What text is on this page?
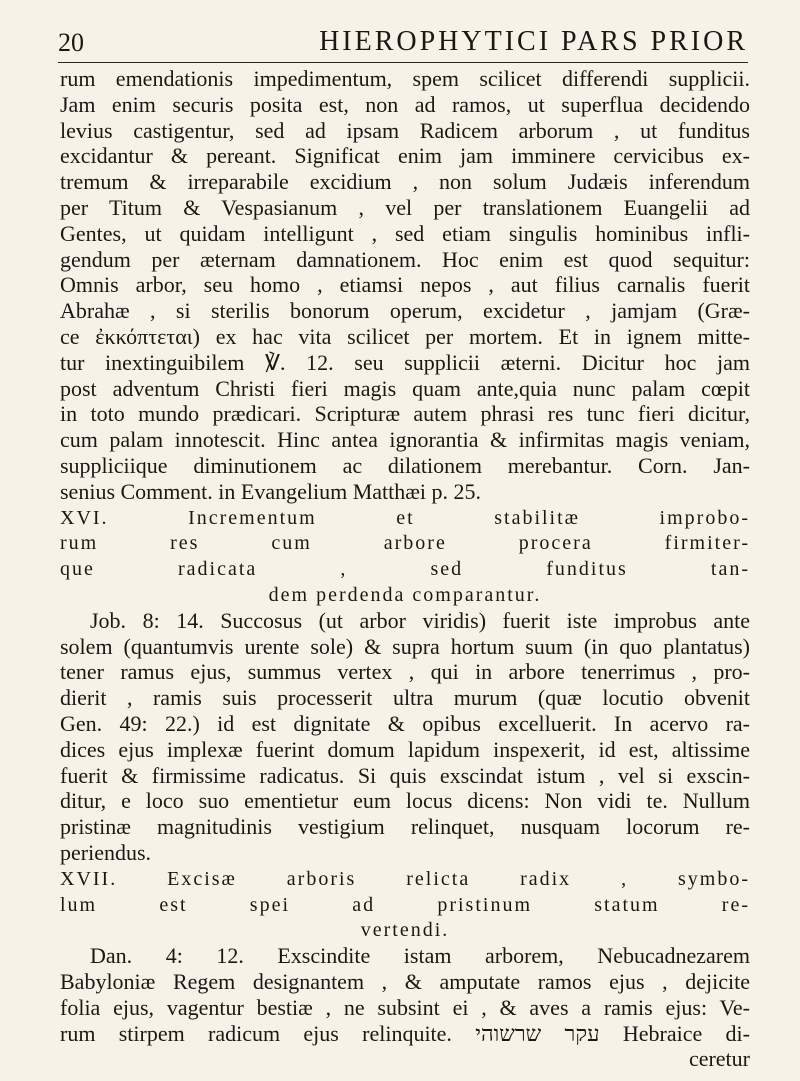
20	HIEROPHYTICI PARS PRIOR
rum emendationis impedimentum, spem scilicet differendi supplicii.
Jam enim securis posita est, non ad ramos, ut superflua decidendo
levius castigentur, sed ad ipsam Radicem arborum , ut funditus
excidantur & pereant. Significat enim jam imminere cervicibus ex-
tremum & irreparabile excidium , non solum Judæis inferendum
per Titum & Vespasianum , vel per translationem Euangelii ad
Gentes, ut quidam intelligunt , sed etiam singulis hominibus infli-
gendum per æternam damnationem. Hoc enim est quod sequitur:
Omnis arbor, seu homo , etiamsi nepos , aut filius carnalis fuerit
Abrahæ , si sterilis bonorum operum, excidetur , jamjam (Græ-
ce ἐκκόπτεται) ex hac vita scilicet per mortem. Et in ignem mitte-
tur inextinguibilem ℣. 12. seu supplicii æterni. Dicitur hoc jam
post adventum Christi fieri magis quam ante,quia nunc palam cœpit
in toto mundo prædicari. Scripturæ autem phrasi res tunc fieri dicitur,
cum palam innotescit. Hinc antea ignorantia & infirmitas magis veniam,
suppliciique diminutionem ac dilationem merebantur. Corn. Jan-
senius Comment. in Evangelium Matthæi p. 25.
XVI. Incrementum et stabilitæ improbo-
rum res cum arbore procera firmiter-
que radicata , sed funditus tan-
dem perdenda comparantur.
Job. 8: 14. Succosus (ut arbor viridis) fuerit iste improbus ante
solem (quantumvis urente sole) & supra hortum suum (in quo plantatus)
tener ramus ejus, summus vertex , qui in arbore tenerrimus , pro-
dierit , ramis suis processerit ultra murum (quæ locutio obvenit
Gen. 49: 22.) id est dignitate & opibus excelluerit. In acervo ra-
dices ejus implexæ fuerint domum lapidum inspexerit, id est, altissime
fuerit & firmissime radicatus. Si quis exscindat istum , vel si exscin-
ditur, e loco suo ementietur eum locus dicens: Non vidi te. Nullum
pristinæ magnitudinis vestigium relinquet, nusquam locorum re-
periendus.
XVII. Excisæ arboris relicta radix , symbo-
lum est spei ad pristinum statum re-
vertendi.
Dan. 4: 12. Exscindite istam arborem, Nebucadnezarem
Babyloniæ Regem designantem , & amputate ramos ejus , dejicite
folia ejus, vagentur bestiæ , ne subsint ei , & aves a ramis ejus: Ve-
rum stirpem radicum ejus relinquite. עקר שרשוהי Hebraice di-
ceretur
